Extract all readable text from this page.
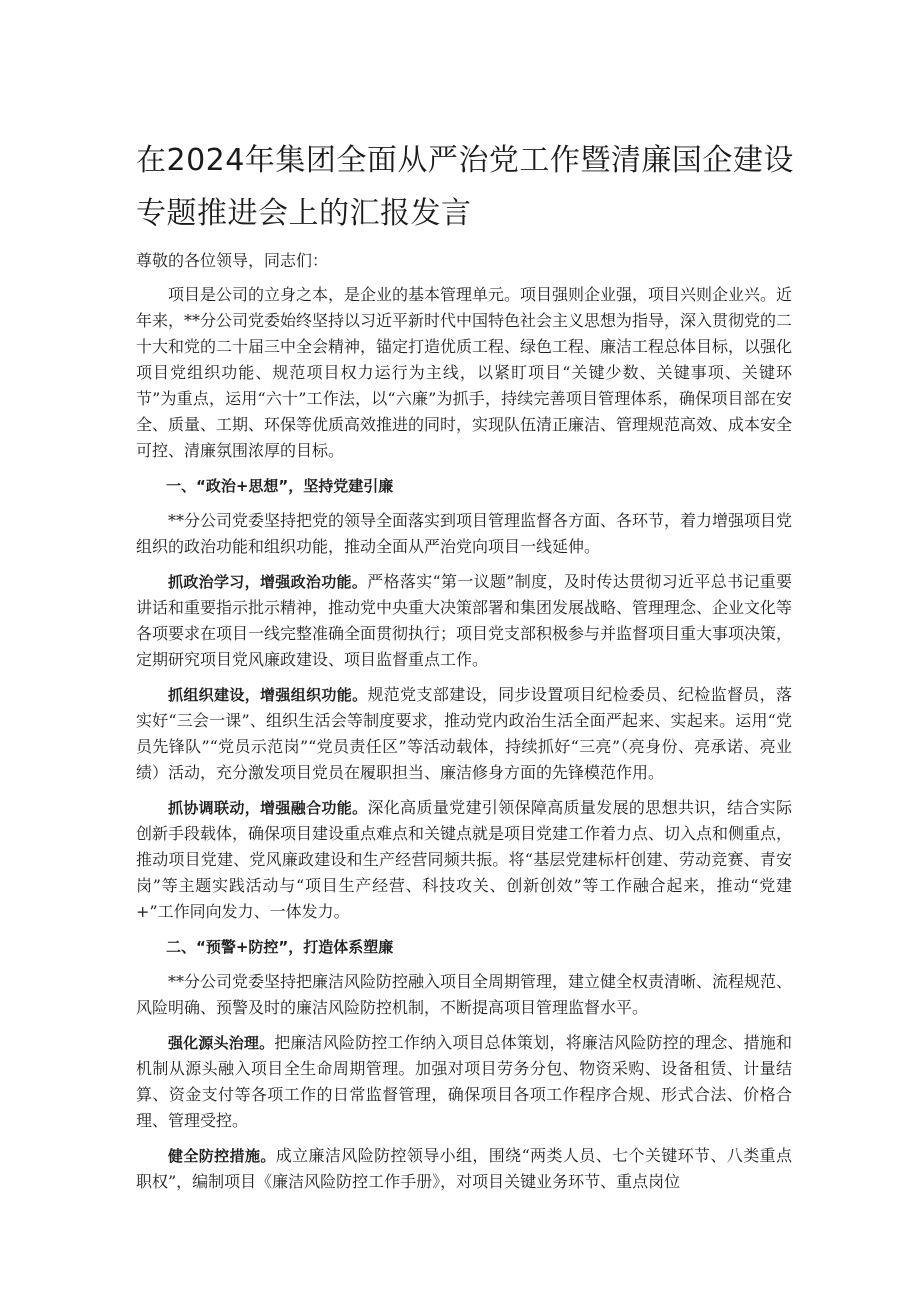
在2024年集团全面从严治党工作暨清廉国企建设专题推进会上的汇报发言

尊敬的各位领导，同志们：

项目是公司的立身之本，是企业的基本管理单元。项目强则企业强，项目兴则企业兴。近年来，**分公司党委始终坚持以习近平新时代中国特色社会主义思想为指导，深入贯彻党的二十大和党的二十届三中全会精神，锚定打造优质工程、绿色工程、廉洁工程总体目标，以强化项目党组织功能、规范项目权力运行为主线，以紧盯项目“关键少数、关键事项、关键环节”为重点，运用“六十”工作法，以“六廉”为抓手，持续完善项目管理体系，确保项目部在安全、质量、工期、环保等优质高效推进的同时，实现队伍清正廉洁、管理规范高效、成本安全可控、清廉氛围浓厚的目标。

一、“政治+思想”，坚持党建引廉

**分公司党委坚持把党的领导全面落实到项目管理监督各方面、各环节，着力增强项目党组织的政治功能和组织功能，推动全面从严治党向项目一线延伸。

抓政治学习，增强政治功能。严格落实“第一议题”制度，及时传达贯彻习近平总书记重要讲话和重要指示批示精神，推动党中央重大决策部署和集团发展战略、管理理念、企业文化等各项要求在项目一线完整准确全面贯彻执行；项目党支部积极参与并监督项目重大事项决策，定期研究项目党风廉政建设、项目监督重点工作。

抓组织建设，增强组织功能。规范党支部建设，同步设置项目纪检委员、纪检监督员，落实好“三会一课”、组织生活会等制度要求，推动党内政治生活全面严起来、实起来。运用“党员先锋队”“党员示范岗”“党员责任区”等活动载体，持续抓好“三亮”（亮身份、亮承诺、亮业绩）活动，充分激发项目党员在履职担当、廉洁修身方面的先锋模范作用。

抓协调联动，增强融合功能。深化高质量党建引领保障高质量发展的思想共识，结合实际创新手段载体，确保项目建设重点难点和关键点就是项目党建工作着力点、切入点和侧重点，推动项目党建、党风廉政建设和生产经营同频共振。将“基层党建标杆创建、劳动竞赛、青安岗”等主题实践活动与“项目生产经营、科技攻关、创新创效”等工作融合起来，推动“党建+”工作同向发力、一体发力。

二、“预警+防控”，打造体系塑廉

**分公司党委坚持把廉洁风险防控融入项目全周期管理，建立健全权责清晰、流程规范、风险明确、预警及时的廉洁风险防控机制，不断提高项目管理监督水平。

强化源头治理。把廉洁风险防控工作纳入项目总体策划，将廉洁风险防控的理念、措施和机制从源头融入项目全生命周期管理。加强对项目劳务分包、物资采购、设备租赁、计量结算、资金支付等各项工作的日常监督管理，确保项目各项工作程序合规、形式合法、价格合理、管理受控。

健全防控措施。成立廉洁风险防控领导小组，围绕“两类人员、七个关键环节、八类重点职权”，编制项目《廉洁风险防控工作手册》，对项目关键业务环节、重点岗位
